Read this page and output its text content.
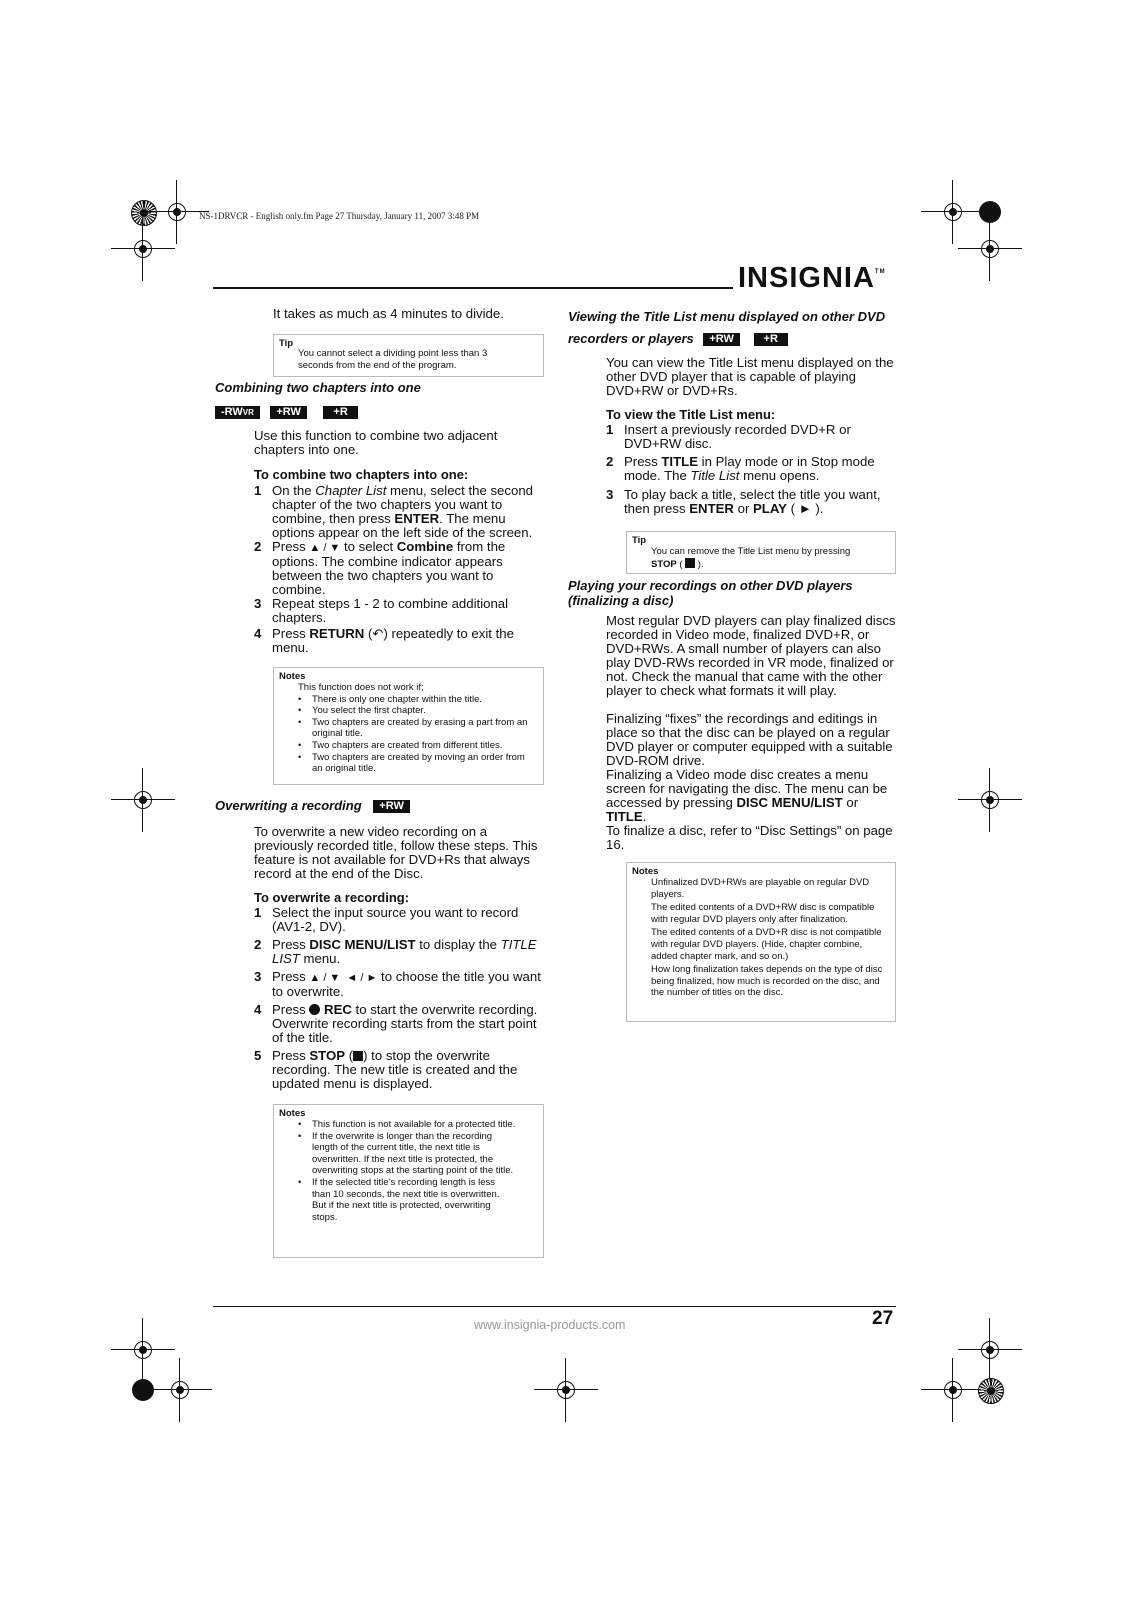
NS-1DRVCR - English only.fm Page 27 Thursday, January 11, 2007 3:48 PM
INSIGNIA™
It takes as much as 4 minutes to divide.
Tip
You cannot select a dividing point less than 3 seconds from the end of the program.
Combining two chapters into one
-RWVR +RW	+R
Use this function to combine two adjacent chapters into one.
To combine two chapters into one:
1 On the Chapter List menu, select the second chapter of the two chapters you want to combine, then press ENTER. The menu options appear on the left side of the screen.
2 Press ▲ / ▼ to select Combine from the options. The combine indicator appears between the two chapters you want to combine.
3 Repeat steps 1 - 2 to combine additional chapters.
4 Press RETURN (↶) repeatedly to exit the menu.
Notes
This function does not work if;
• There is only one chapter within the title.
• You select the first chapter.
• Two chapters are created by erasing a part from an original title.
• Two chapters are created from different titles.
• Two chapters are created by moving an order from an original title.
Overwriting a recording +RW
To overwrite a new video recording on a previously recorded title, follow these steps. This feature is not available for DVD+Rs that always record at the end of the Disc.
To overwrite a recording:
1 Select the input source you want to record (AV1-2, DV).
2 Press DISC MENU/LIST to display the TITLE LIST menu.
3 Press ▲ / ▼  ◄ / ► to choose the title you want to overwrite.
4 Press  REC to start the overwrite recording. Overwrite recording starts from the start point of the title.
5 Press STOP ( ) to stop the overwrite recording. The new title is created and the updated menu is displayed.
Notes
• This function is not available for a protected title.
• If the overwrite is longer than the recording length of the current title, the next title is overwritten. If the next title is protected, the overwriting stops at the starting point of the title.
• If the selected title’s recording length is less than 10 seconds, the next title is overwritten. But if the next title is protected, overwriting stops.
Viewing the Title List menu displayed on other DVD
recorders or players +RW	+R
You can view the Title List menu displayed on the other DVD player that is capable of playing DVD+RW or DVD+Rs.
To view the Title List menu:
1 Insert a previously recorded DVD+R or DVD+RW disc.
2 Press TITLE in Play mode or in Stop mode mode. The Title List menu opens.
3 To play back a title, select the title you want, then press ENTER or PLAY ( ► ).
Tip
You can remove the Title List menu by pressing
STOP (  ).
Playing your recordings on other DVD players (finalizing a disc)
Most regular DVD players can play finalized discs recorded in Video mode, finalized DVD+R, or DVD+RWs. A small number of players can also play DVD-RWs recorded in VR mode, finalized or not. Check the manual that came with the other player to check what formats it will play.
Finalizing “fixes” the recordings and editings in place so that the disc can be played on a regular DVD player or computer equipped with a suitable DVD-ROM drive.
Finalizing a Video mode disc creates a menu screen for navigating the disc. The menu can be accessed by pressing DISC MENU/LIST or TITLE.
To finalize a disc, refer to “Disc Settings” on page 16.
Notes
Unfinalized DVD+RWs are playable on regular DVD players.
The edited contents of a DVD+RW disc is compatible with regular DVD players only after finalization.
The edited contents of a DVD+R disc is not compatible with regular DVD players. (Hide, chapter combine, added chapter mark, and so on.)
How long finalization takes depends on the type of disc being finalized, how much is recorded on the disc, and the number of titles on the disc.
www.insignia-products.com	27
